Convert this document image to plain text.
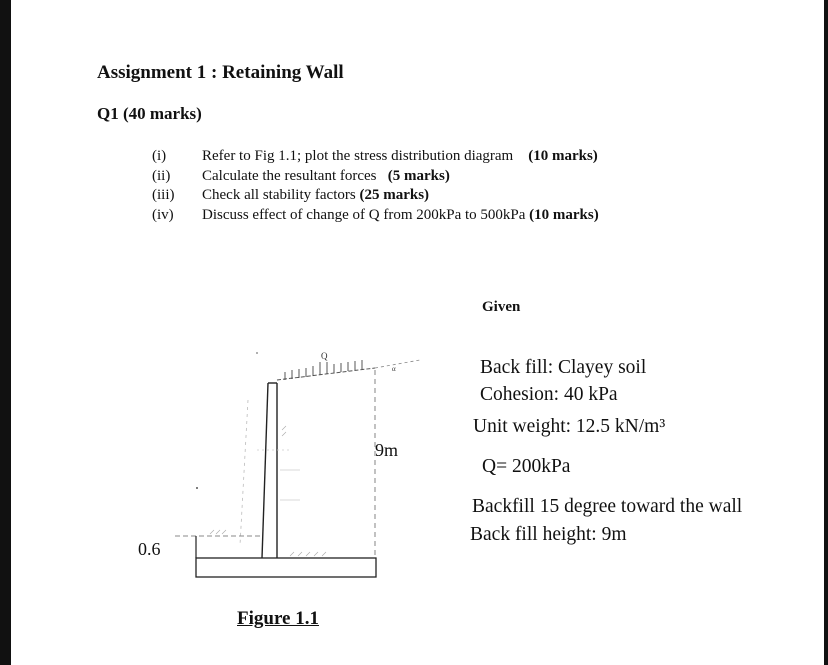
Assignment 1 : Retaining Wall
Q1 (40 marks)
(i) Refer to Fig 1.1; plot the stress distribution diagram (10 marks)
(ii) Calculate the resultant forces (5 marks)
(iii) Check all stability factors (25 marks)
(iv) Discuss effect of change of Q from 200kPa to 500kPa (10 marks)
Given
Back fill: Clayey soil
Cohesion: 40 kPa
Unit weight: 12.5 kN/m³
Q= 200kPa
Backfill 15 degree toward the wall
Back fill height: 9m
Q
α
9m
0.6
Figure 1.1
